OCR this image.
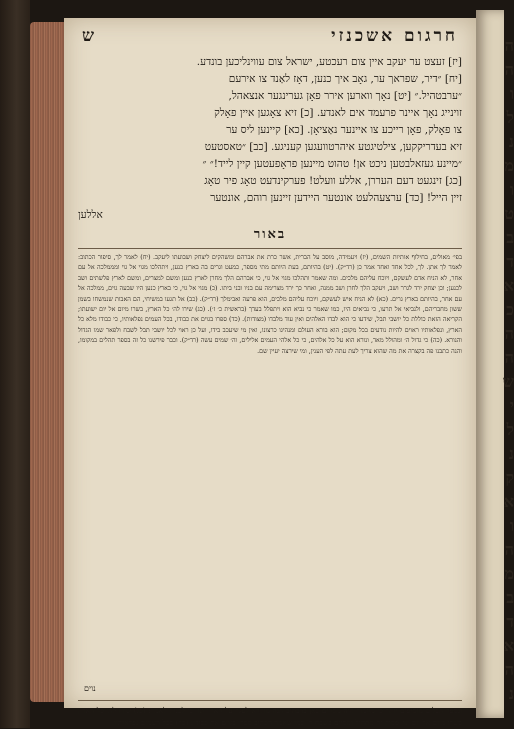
חרגום אשכנזי
ש

[יז] זעצט ער יעקב איין צום רעכטע, ישראל צום עווינליכען בונדע.

[יח] ״דיר, שפראך ער, גאָב איך כנען, דאָז לאַנד צו אירעם

״ערבטהיל.״ [יט] נאָך ווארען אירר פאָן גערינגער אנצאהל,

זוינייג נאָך איינר פרעמד אים לאנדע. [כ] זיא צאָגען איין פאָלק

צו פאָלק, פאָן רייכע צו איינער נאַציאָן. [כא] קיינען ליס ער

זיא בעדריקקען, צילטיגטע איהרטוועגען קעניגע. [כב] ״טאסטעט

״מיינע געזאלבטען ניכט אן! טהוט מיינען פראָפעטען קיין לייד!״ ״

[כג] זינגעט דעם העררן, אללע וועלט! פערקינדעט טאָג פיר טאָג

זיין הייל! [כד] ערצעהלעט אונטער היידען זיינען רוהם, אונטער

אללען

באור

בפי׳ מאולים, בחילוף אותיות השמים, (יז) ויעמידה, מוסב על הברית, אשר כרת את אברהם ומשהקים ליצחק ושבועתו ליעקב. (יח) לאמר לך, סיפור הכתוב: לאמר לך אתן. לך, לכל אחד ואחד אמר כן (רד״ק). (יט) בהיותם, בעת היותם מתי מספר, כמעט וגרים בה בארץ כנען, ויתהלכו מגוי אל גוי ומממלכה אל עם אחר, לא הניח אדם לעשקם, ויוכח עליהם מלכים. ומה שאמר ותהלכו מגוי אל גוי, כי אברהם הלך מחרן לארץ כנען ומשם למצרים, ומשם לארץ פלשתים ושב לכנען; וכן יצחק ירד לגרר ושב, ויעקב הלך לחרן ושב ממנה, ואחר כך ירד מצרימה עם בניו ובני ביתו. (כ) מגוי אל גוי, כי בארץ כנען היו שבעה גוים, ממלכה אל עם אחר, בהיותם בארץ גרים. (כא) לא הניח איש לעשקם, ויוכח עליהם מלכים, הוא פרעה ואבימלך (רד״ק). (כב) אל תגעו במשיחי, הם האבות שנמשחו בשמן ששון מחבריהם, ולנביאי אל תרעו, כי נביאים היו, כמו שאמר כי נביא הוא ויתפלל בעדך (בראשית כ׳ ז׳). (כג) שירו לה׳ כל הארץ, בשרו מיום אל יום ישועתו; הקריאה הזאת כוללת כל יושבי תבל, שידעו כי הוא לבדו האלהים ואין עוד מלבדו (מצודות). (כד) ספרו בגוים את כבודו, בכל העמים נפלאותיו, כי כבודו מלא כל הארץ, ונפלאותיו ראוים להיות נודעים בכל מקום; הוא בורא העולם ומנהיגו כרצונו, ואין מי שיעכב בידו, ועל כן ראוי לכל יושבי תבל לשבח ולפאר שמו הגדול והנורא. (כה) כי גדול ה׳ ומהולל מאד, ונורא הוא על כל אלהים, כי כל אלהי העמים אלילים, וה׳ שמים עשה (רד״ק). וכבר פירשנו כל זה בספר תהלים במקומו, והנה כתבנו פה בקצרה את מה שהוא צריך לעת עתה לפי הענין, ומי שירצה יעיין שם.

נוים

ונספר הכלים מוסיפים יותר כי מוזמור היה מסויים כאן בדבתיב הנה מוקרא לעגד על הארון ונו׳ כי לכנות לאמר: (כג) שירו לה׳ כל הארץ בשרו מיום אל יום ונו׳ פסוק זה מתחיל ומסיים בשבח ה׳ כמו שאמר הכתוב ספרו בגוים את כבודו: (כד) בכל העמים נפלאותיו.

ה
ה
ו
ל
נ
מ
ו
ט
ב
ד
א
כ
ה
ה
ש
י
ל
נ
ק
א
ו
ה
מ
ב
ד
א
ה
נ
